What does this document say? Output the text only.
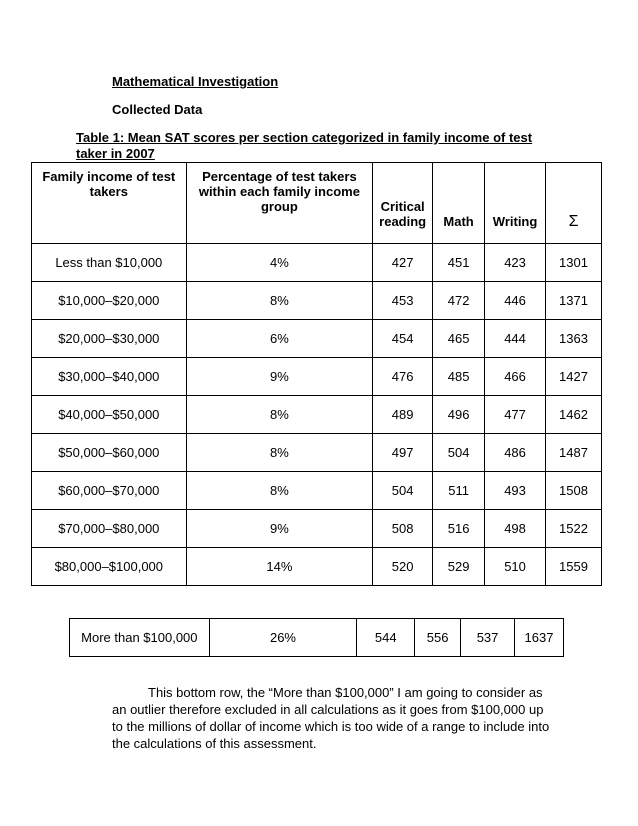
Mathematical Investigation
Collected Data
Table 1: Mean SAT scores per section categorized in family income of test taker in 2007
Family income of test takers	Percentage of test takers within each family income group	Critical reading	Math	Writing	Σ
Less than $10,000	4%	427	451	423	1301
$10,000–$20,000	8%	453	472	446	1371
$20,000–$30,000	6%	454	465	444	1363
$30,000–$40,000	9%	476	485	466	1427
$40,000–$50,000	8%	489	496	477	1462
$50,000–$60,000	8%	497	504	486	1487
$60,000–$70,000	8%	504	511	493	1508
$70,000–$80,000	9%	508	516	498	1522
$80,000–$100,000	14%	520	529	510	1559
More than $100,000	26%	544	556	537	1637

This bottom row, the “More than $100,000” I am going to consider as an outlier therefore excluded in all calculations as it goes from $100,000 up to the millions of dollar of income which is too wide of a range to include into the calculations of this assessment.
